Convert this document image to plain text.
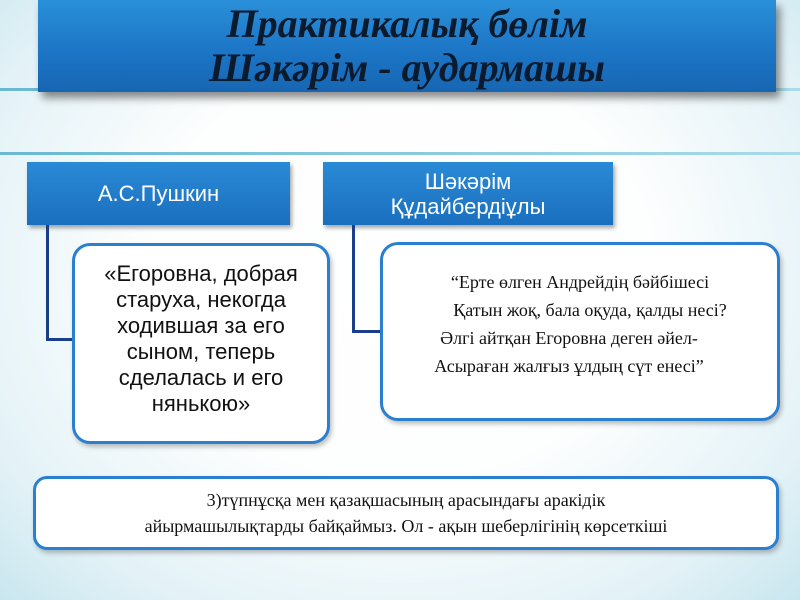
Практикалық бөлім
Шәкәрім - аудармашы
А.С.Пушкин
«Егоровна, добрая
старуха, некогда
ходившая за его
сыном, теперь
сделалась и его
нянькою»
Шәкәрім
Құдайбердіұлы
“Ерте өлген Андрейдің бәйбішесі
Қатын жоқ, бала оқуда, қалды несі?
Әлгі айтқан Егоровна деген әйел-
Асыраған жалғыз ұлдың сүт енесі”
3)түпнұсқа мен қазақшасының арасындағы аракідік
айырмашылықтарды байқаймыз. Ол - ақын шеберлігінің көрсеткіші
